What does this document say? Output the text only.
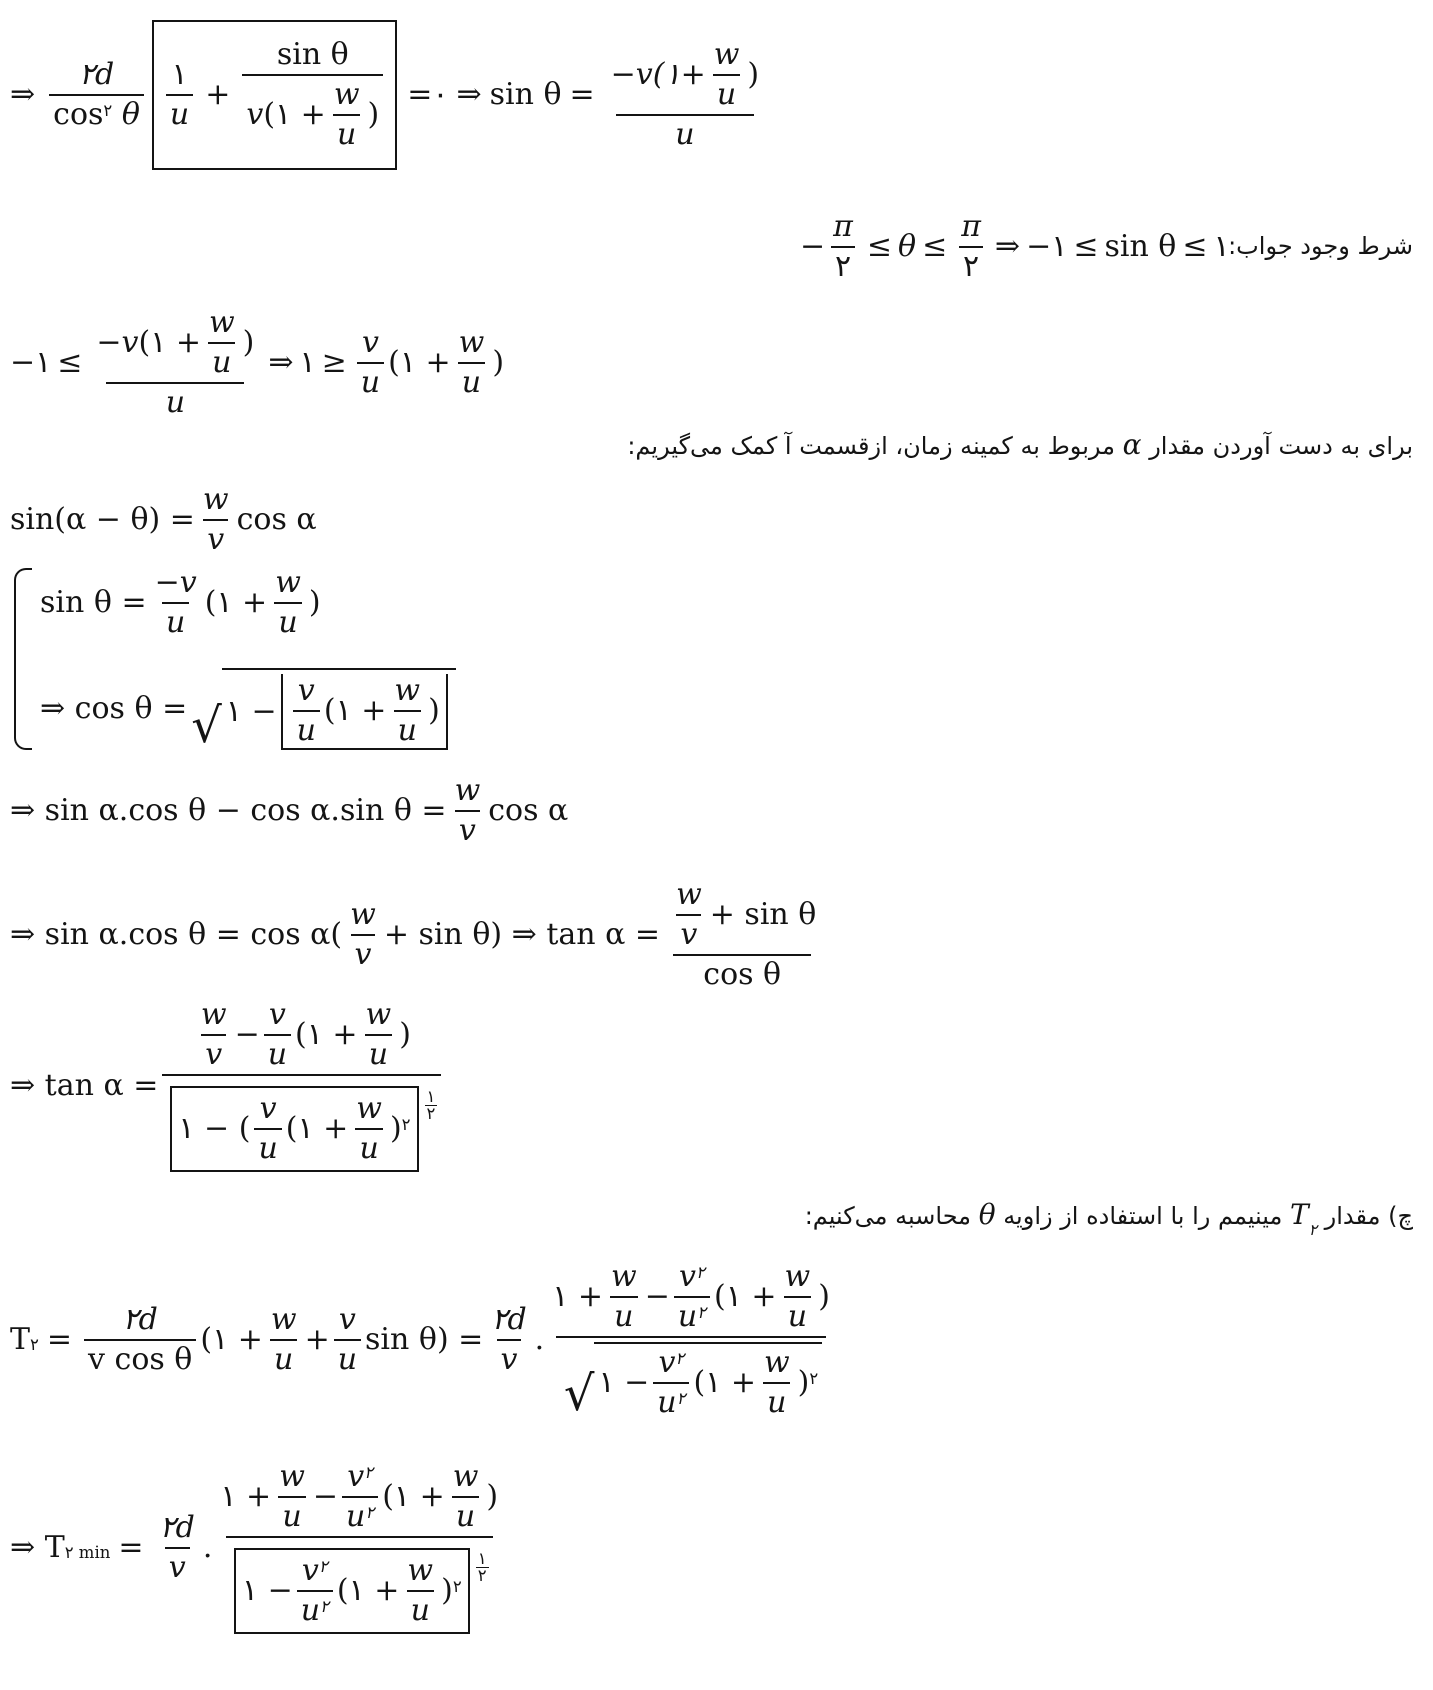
⇒
۲d
cos ۲
θ
۱
u
+ sin θ
v (۱ +
w
u
) =۰ ⇒ $\sin \theta = \frac{-v(۱+ \frac{w}{u} )}{u}$
−
π
۲
≤ θ ≤
π
۲
⇒ −۱ ≤ sin θ ≤ ۱
شرط وجود جواب:
−۱ ≤ −v (۱ +
w
u
)
u ⇒ ۱ ≥ $\frac{v}{u}$ (۱ +
w
u
)
برای به دست آوردن مقدار α مربوط به کمینه زمان، ازقسمت آ کمک می‌گیریم:
$\sin(\alpha - \theta) = \frac{w}{v}$ cos α
$\sin \theta = \frac{-v}{u}$ (۱ + $\frac{w}{u}$ )
⇒ cos θ = √ ۱ −
v
u
(۱ +
w
u
)
⇒ sin α.cos θ − cos α.sin $\theta = \frac{w}{v}$ cos α
⇒ sin α.cos θ = cos α(
w
v
+ sin θ) ⇒ tan α = w
v
+ sin θ
cos θ
⇒ tan α = w
v
− $\frac{v}{u}$ (۱ +
w
u
)
۱ − (
v
u
(۱ +
w
u
) ۲
۱
۲
چ) مقدار $T_۲$ مینیمم را با استفاده از زاویه θ محاسبه می‌کنیم:
T ۲ = $\frac{۲d}{\text{v cos θ}}$ (۱ + $\frac{w}{u} + \frac{v}{u}$ $\sin \theta) = \frac{۲d}{v}$ .
۱ + $\frac{w}{u} - \frac{v ۲}{u ۲}$ (۱ +
w
u
)
√ ۱ − $\frac{v ۲}{u ۲}$ (۱ +
w
u
) ۲
⇒
T ۲ $\min = \frac{۲d}{v}$ .
۱ + $\frac{w}{u} - \frac{v ۲}{u ۲}$ (۱ +
w
u
)
۱ − $\frac{v ۲}{u ۲}$ (۱ +
w
u
) ۲
۱
۲
